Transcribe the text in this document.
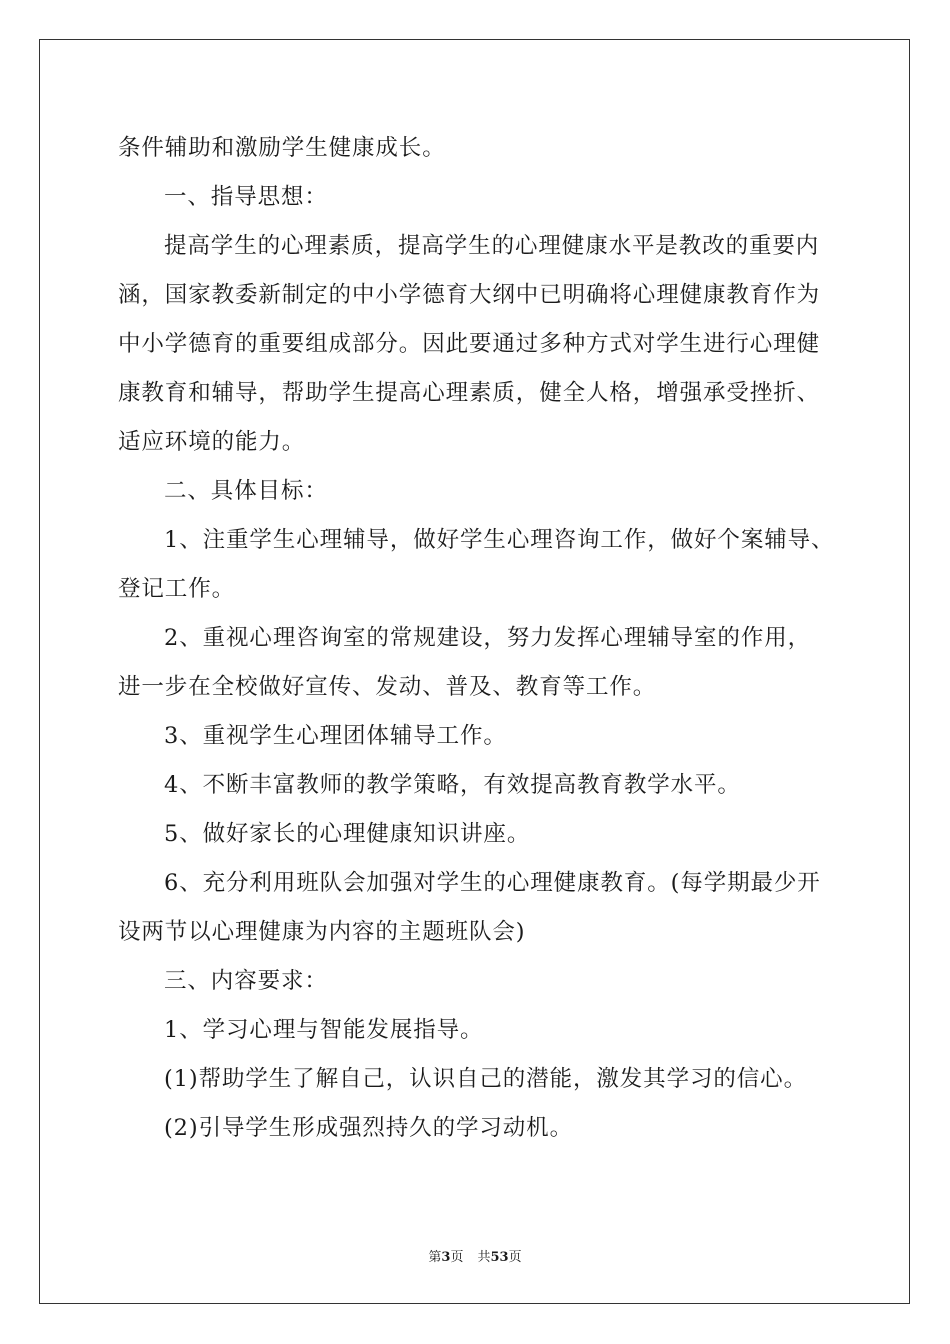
条件辅助和激励学生健康成长。
一、指导思想：
提高学生的心理素质，提高学生的心理健康水平是教改的重要内
涵，国家教委新制定的中小学德育大纲中已明确将心理健康教育作为
中小学德育的重要组成部分。因此要通过多种方式对学生进行心理健
康教育和辅导，帮助学生提高心理素质，健全人格，增强承受挫折、
适应环境的能力。
二、具体目标：
1、注重学生心理辅导，做好学生心理咨询工作，做好个案辅导、
登记工作。
2、重视心理咨询室的常规建设，努力发挥心理辅导室的作用，
进一步在全校做好宣传、发动、普及、教育等工作。
3、重视学生心理团体辅导工作。
4、不断丰富教师的教学策略，有效提高教育教学水平。
5、做好家长的心理健康知识讲座。
6、充分利用班队会加强对学生的心理健康教育。(每学期最少开
设两节以心理健康为内容的主题班队会)
三、内容要求：
1、学习心理与智能发展指导。
(1)帮助学生了解自己，认识自己的潜能，激发其学习的信心。
(2)引导学生形成强烈持久的学习动机。
第3页 共53页
